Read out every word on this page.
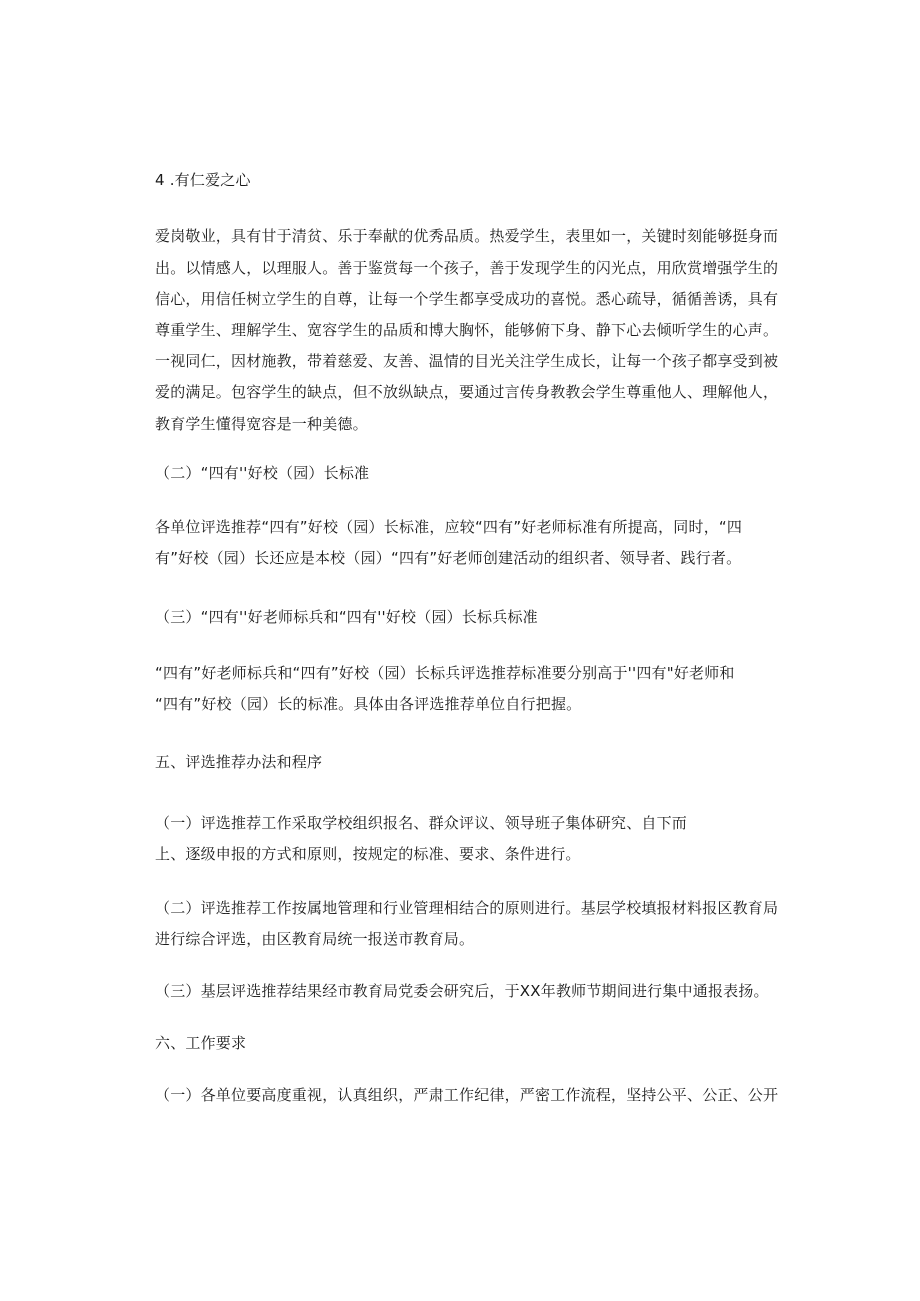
4 .有仁爱之心
爱岗敬业，具有甘于清贫、乐于奉献的优秀品质。热爱学生，表里如一，关键时刻能够挺身而
出。以情感人，以理服人。善于鉴赏每一个孩子，善于发现学生的闪光点，用欣赏增强学生的
信心，用信任树立学生的自尊，让每一个学生都享受成功的喜悦。悉心疏导，循循善诱，具有
尊重学生、理解学生、宽容学生的品质和博大胸怀，能够俯下身、静下心去倾听学生的心声。
一视同仁，因材施教，带着慈爱、友善、温情的目光关注学生成长，让每一个孩子都享受到被
爱的满足。包容学生的缺点，但不放纵缺点，要通过言传身教教会学生尊重他人、理解他人，
教育学生懂得宽容是一种美德。
（二）“四有''好校（园）长标准
各单位评选推荐“四有”好校（园）长标准，应较“四有”好老师标准有所提高，同时，“四
有”好校（园）长还应是本校（园）“四有”好老师创建活动的组织者、领导者、践行者。
（三）“四有''好老师标兵和“四有''好校（园）长标兵标准
“四有”好老师标兵和“四有”好校（园）长标兵评选推荐标准要分别高于''四有"好老师和
“四有”好校（园）长的标准。具体由各评选推荐单位自行把握。
五、评选推荐办法和程序
（一）评选推荐工作采取学校组织报名、群众评议、领导班子集体研究、自下而
上、逐级申报的方式和原则，按规定的标准、要求、条件进行。
（二）评选推荐工作按属地管理和行业管理相结合的原则进行。基层学校填报材料报区教育局
进行综合评选，由区教育局统一报送市教育局。
（三）基层评选推荐结果经市教育局党委会研究后，于XX年教师节期间进行集中通报表扬。
六、工作要求
（一）各单位要高度重视，认真组织，严肃工作纪律，严密工作流程，坚持公平、公正、公开
